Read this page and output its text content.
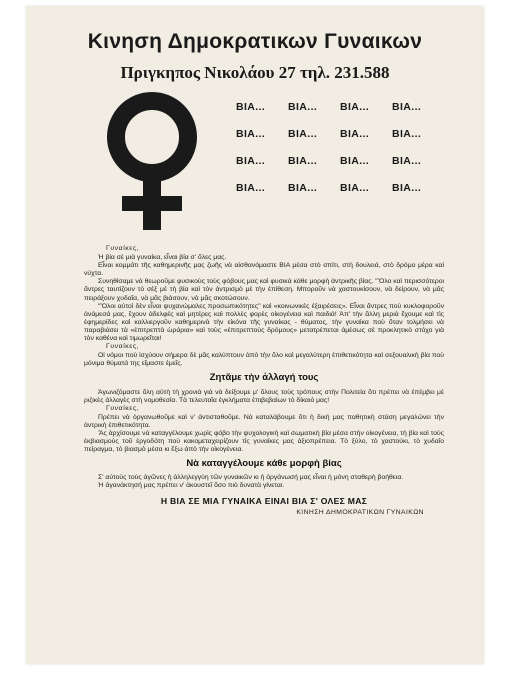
Κινηση Δημοκρατικων Γυναικων
Πριγκηπος Νικολάου 27 τηλ. 231.588
ΒΙΑ...	ΒΙΑ...	ΒΙΑ...	ΒΙΑ...
ΒΙΑ...	ΒΙΑ...	ΒΙΑ...	ΒΙΑ...
ΒΙΑ...	ΒΙΑ...	ΒΙΑ...	ΒΙΑ...
ΒΙΑ...	ΒΙΑ...	ΒΙΑ...	ΒΙΑ...

Γυναίκες,

Ἡ βία σὲ μιὰ γυναίκα, εἶναι βία σ' ὅλες μας.

Εἶναι κομμάτι τῆς καθημερινῆς μας ζωῆς νὰ αἰσθανόμαστε ΒΙΑ μέσα στὸ σπίτι, στὴ δουλειά, στὸ δρόμο μέρα καὶ νύχτα.

Συνηθίσαμε νὰ θεωροῦμε φυσικοὺς τοὺς φόβους μας καὶ φυσικὰ κάθε μορφὴ ἀντρικῆς βίας. "Ὅλο καὶ περισσότεροι ἄντρες ταυτίζουν τὸ σὲξ μὲ τὴ βία καὶ τὸν ἀντρισμὸ μὲ τὴν ἐπίθεση. Μποροῦν νὰ χαστουκίσουν, νὰ δείρουν, νὰ μᾶς πειράξουν χυδαῖα, νὰ μᾶς βιάσουν, νὰ μᾶς σκοτώσουν.

"Ὅλοι αὐτοὶ δὲν εἶναι ψυχανώμαλες προσωπικότητες" καὶ «κοινωνικὲς ἐξαιρέσεις». Εἶναι ἄντρες ποὺ κυκλοφοροῦν ἀνάμεσά μας, ἔχουν ἀδελφές καὶ μητέρες καὶ πολλὲς φορὲς οἰκογένεια καὶ παιδιά! Ἀπ' τὴν ἄλλη μεριὰ ἔχουμε καὶ τὶς ἐφημερίδες καὶ καλλιεργοῦν καθημερινὰ τὴν εἰκόνα τῆς γυναίκας - θύματος, τὴν γυναίκα ποὺ ὅταν τολμήσει νὰ παραβιάσει τὰ «ἐπιτρεπτὰ ὡράρια» καὶ τοὺς «ἐπιτρεπτοὺς δρόμους» μετατρέπεται ἀμέσως σὲ προκλητικὸ στόχο γιὰ τὸν καθένα καὶ τιμωρεῖται!

Γυναίκες,

Οἱ νόμοι ποὺ ἰσχύουν σήμερα δὲ μᾶς καλύπτουν ἀπὸ τὴν ὅλο καὶ μεγαλύτερη ἐπιθετικότητα καὶ σεξουαλικὴ βία ποὺ μόνιμα θύματά της εἴμαστε ἐμεῖς.

Ζητᾶμε τὴν ἀλλαγή τους

Ἀγωνιζόμαστε ὅλη αὐτὴ τὴ χρονιὰ γιὰ νὰ δείξουμε μ' ὅλους τοὺς τρόπους στὴν Πολιτεία ὅτι πρέπει νὰ ἐπέμβει μὲ ριζικὲς ἀλλαγὲς στὴ νομοθεσία. Τὰ τελευταῖα ἐγκλήματα ἐπιβεβαίων τὸ δίκαιό μας!

Γυναίκες,

Πρέπει νὰ ὀργανωθοῦμε καὶ ν' ἀντισταθοῦμε. Νὰ καταλάβουμε ὅτι ἡ δική μας παθητικὴ στάση μεγαλώνει τὴν ἀντρικὴ ἐπιθετικότητα.

Ἂς ἀρχίσουμε νὰ καταγγέλουμε χωρὶς φόβο τὴν ψυχολογικὴ καὶ σωματικὴ βία μέσα στὴν οἰκογένεια, τὴ βία καὶ τοὺς ἐκβιασμοὺς τοῦ ἐργοδότη ποὺ κακομεταχειρίζουν τὶς γυναίκες μας ἀξιοπρέπεια. Τὸ ξύλο, τὸ χαστούκι, τὸ χυδαῖο πείραγμα, τὸ βιασμὸ μέσα κι ἔξω ἀπὸ τὴν οἰκογένεια.

Νὰ καταγγέλουμε κάθε μορφὴ βίας

Σ' αὐτοὺς τοὺς ἀγῶνες ἡ ἀλληλεγγύη τῶν γυναικῶν κι ἡ ὀργάνωσή μας εἶναι ἡ μόνη σταθερὴ βοήθεια.

Ἡ ἀγανάκτησή μας πρέπει ν' ἀκουστεῖ ὅσο πιὸ δυνατὰ γίνεται.

Η ΒΙΑ ΣΕ ΜΙΑ ΓΥΝΑΙΚΑ ΕΙΝΑΙ ΒΙΑ Σ' ΟΛΕΣ ΜΑΣ
ΚΙΝΗΣΗ ΔΗΜΟΚΡΑΤΙΚΩΝ ΓΥΝΑΙΚΩΝ
